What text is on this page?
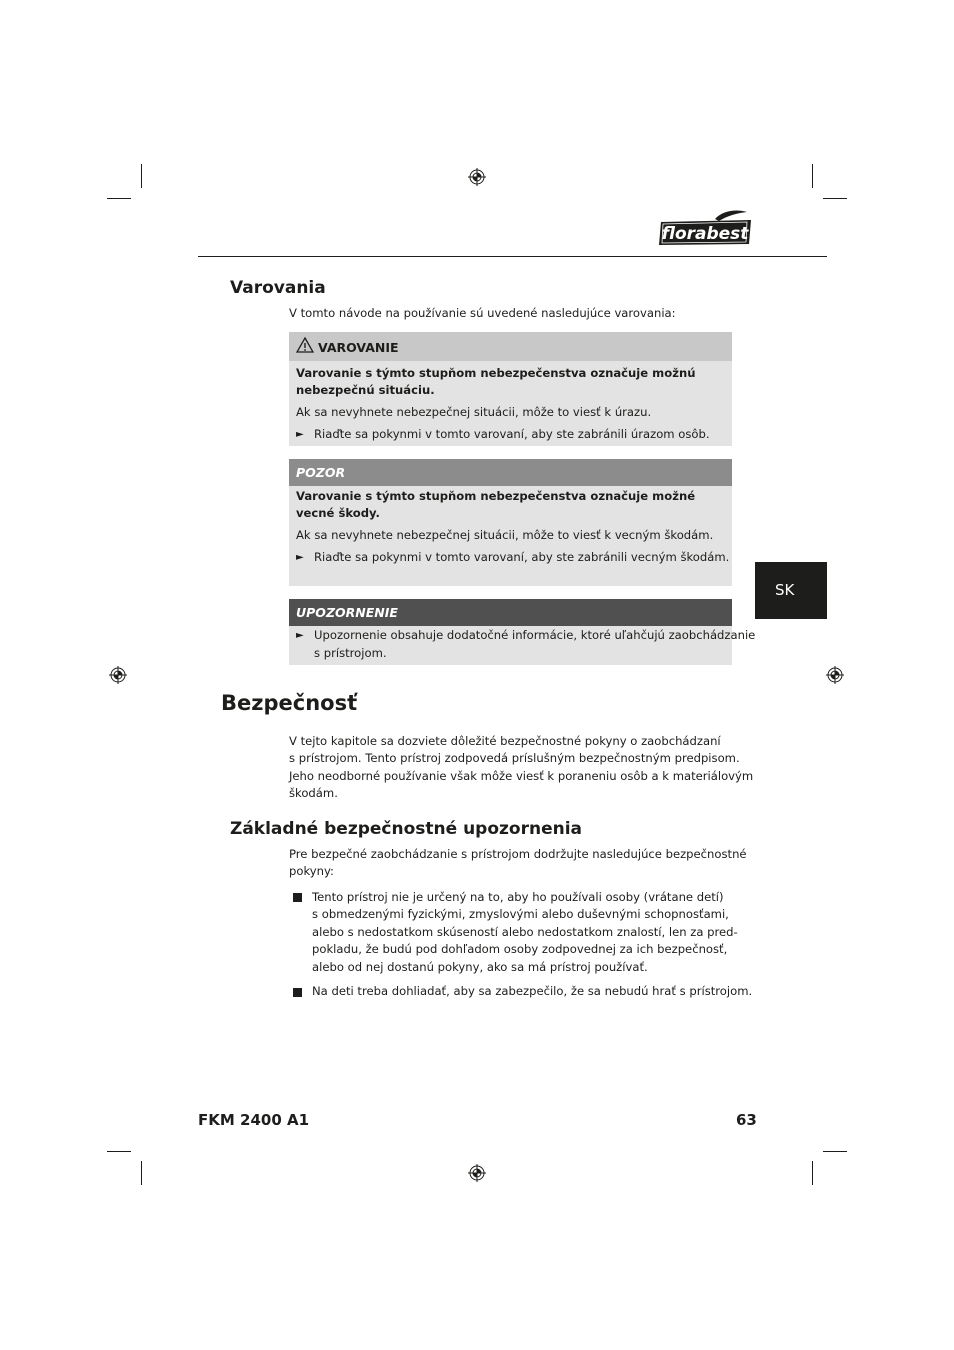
florabest
Varovania
V tomto návode na používanie sú uvedené nasledujúce varovania:
VAROVANIE
Varovanie s týmto stupňom nebezpečenstva označuje možnú
nebezpečnú situáciu.
Ak sa nevyhnete nebezpečnej situácii, môže to viesť k úrazu.
► Riaďte sa pokynmi v tomto varovaní, aby ste zabránili úrazom osôb.
POZOR
Varovanie s týmto stupňom nebezpečenstva označuje možné
vecné škody.
Ak sa nevyhnete nebezpečnej situácii, môže to viesť k vecným škodám.
► Riaďte sa pokynmi v tomto varovaní, aby ste zabránili vecným škodám.
UPOZORNENIE
► Upozornenie obsahuje dodatočné informácie, ktoré uľahčujú zaobchádzanie
s prístrojom.
SK
Bezpečnosť
V tejto kapitole sa dozviete dôležité bezpečnostné pokyny o zaobchádzaní
s prístrojom. Tento prístroj zodpovedá príslušným bezpečnostným predpisom.
Jeho neodborné používanie však môže viesť k poraneniu osôb a k materiálovým
škodám.
Základné bezpečnostné upozornenia
Pre bezpečné zaobchádzanie s prístrojom dodržujte nasledujúce bezpečnostné
pokyny:
Tento prístroj nie je určený na to, aby ho používali osoby (vrátane detí)
s obmedzenými fyzickými, zmyslovými alebo duševnými schopnosťami,
alebo s nedostatkom skúseností alebo nedostatkom znalostí, len za pred-
pokladu, že budú pod dohľadom osoby zodpovednej za ich bezpečnosť,
alebo od nej dostanú pokyny, ako sa má prístroj používať.
Na deti treba dohliadať, aby sa zabezpečilo, že sa nebudú hrať s prístrojom.
FKM 2400 A1	63
